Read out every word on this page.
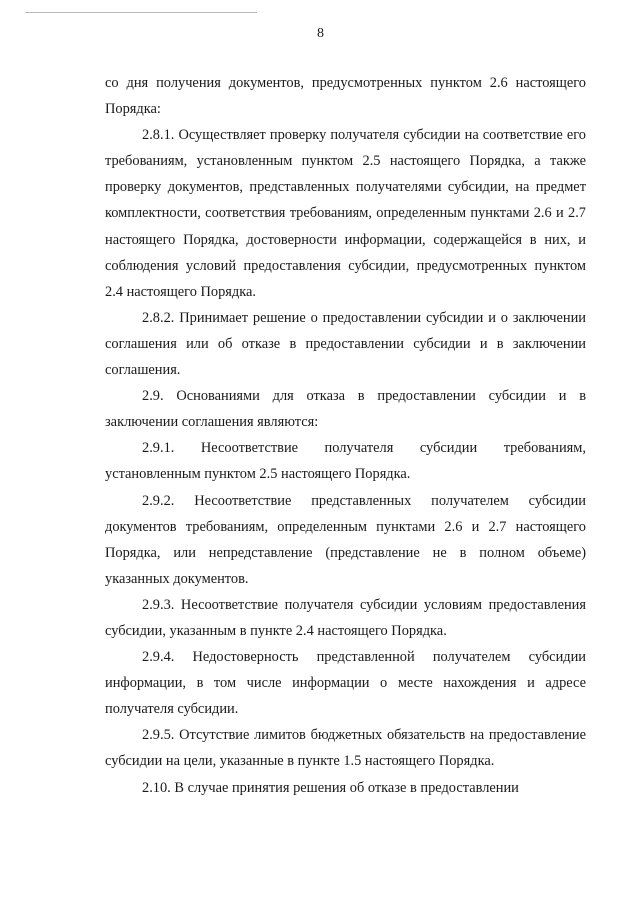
8

со дня получения документов, предусмотренных пунктом 2.6 настоящего Порядка:

2.8.1. Осуществляет проверку получателя субсидии на соответствие его требованиям, установленным пунктом 2.5 настоящего Порядка, а также проверку документов, представленных получателями субсидии, на предмет комплектности, соответствия требованиям, определенным пунктами 2.6 и 2.7 настоящего Порядка, достоверности информации, содержащейся в них, и соблюдения условий предоставления субсидии, предусмотренных пунктом 2.4 настоящего Порядка.

2.8.2. Принимает решение о предоставлении субсидии и о заключении соглашения или об отказе в предоставлении субсидии и в заключении соглашения.

2.9. Основаниями для отказа в предоставлении субсидии и в заключении соглашения являются:

2.9.1. Несоответствие получателя субсидии требованиям, установленным пунктом 2.5 настоящего Порядка.

2.9.2. Несоответствие представленных получателем субсидии документов требованиям, определенным пунктами 2.6 и 2.7 настоящего Порядка, или непредставление (представление не в полном объеме) указанных документов.

2.9.3. Несоответствие получателя субсидии условиям предоставления субсидии, указанным в пункте 2.4 настоящего Порядка.

2.9.4. Недостоверность представленной получателем субсидии информации, в том числе информации о месте нахождения и адресе получателя субсидии.

2.9.5. Отсутствие лимитов бюджетных обязательств на предоставление субсидии на цели, указанные в пункте 1.5 настоящего Порядка.

2.10. В случае принятия решения об отказе в предоставлении
